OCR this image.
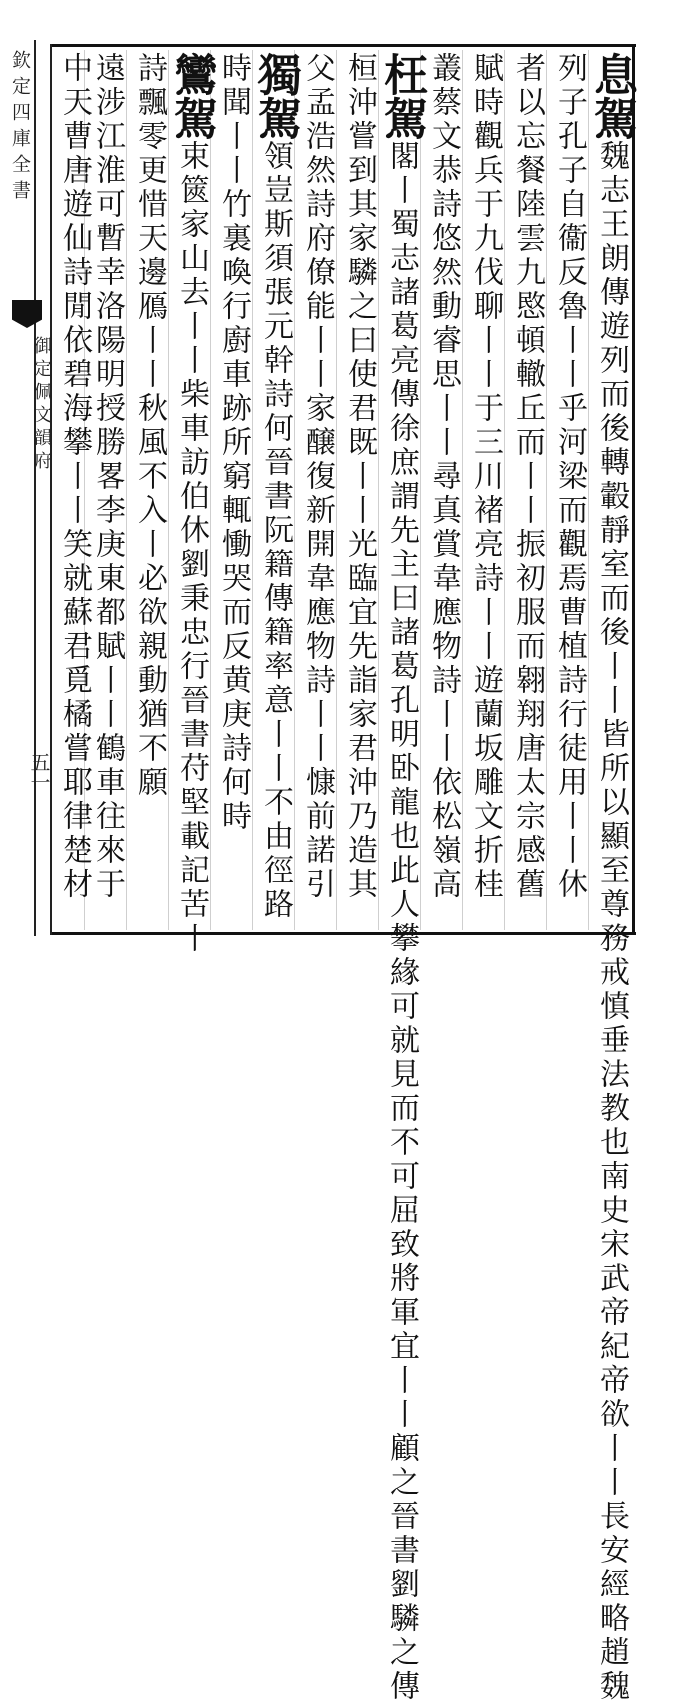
欽定四庫全書
御定佩文韻府
五一
息駕魏志王朗傳遊列而後轉轂靜室而後丨丨皆所以顯至尊務戒慎垂法教也南史宋武帝紀帝欲丨丨長安經略趙魏
列子孔子自衞反魯丨丨乎河梁而觀焉曹植詩行徒用丨丨休
者以忘餐陸雲九愍頓轍丘而丨丨振初服而翱翔唐太宗感舊
賦時觀兵于九伐聊丨丨于三川褚亮詩丨丨遊蘭坂雕文折桂
叢蔡文恭詩悠然動睿思丨丨尋真賞韋應物詩丨丨依松嶺高
枉駕閣丨蜀志諸葛亮傳徐庶謂先主曰諸葛孔明卧龍也此人攀緣可就見而不可屈致將軍宜丨丨顧之晉書劉驎之傳
桓沖嘗到其家驎之曰使君既丨丨光臨宜先詣家君沖乃造其
父孟浩然詩府僚能丨丨家醸復新開韋應物詩丨丨慷前諾引
獨駕領豈斯須張元幹詩何晉書阮籍傳籍率意丨丨不由徑路
時聞丨丨竹裏喚行廚車跡所窮輒慟哭而反黄庚詩何時
鸞駕束篋家山去丨丨柴車訪伯休劉秉忠行晉書苻堅載記苦丨
詩飄零更惜天邊鴈丨丨秋風不入丨必欲親動猶不願
遠涉江淮可暫幸洛陽明授勝畧李庚東都賦丨丨鶴車往來于
中天曹唐遊仙詩閒依碧海攀丨丨笑就蘇君覓橘嘗耶律楚材
